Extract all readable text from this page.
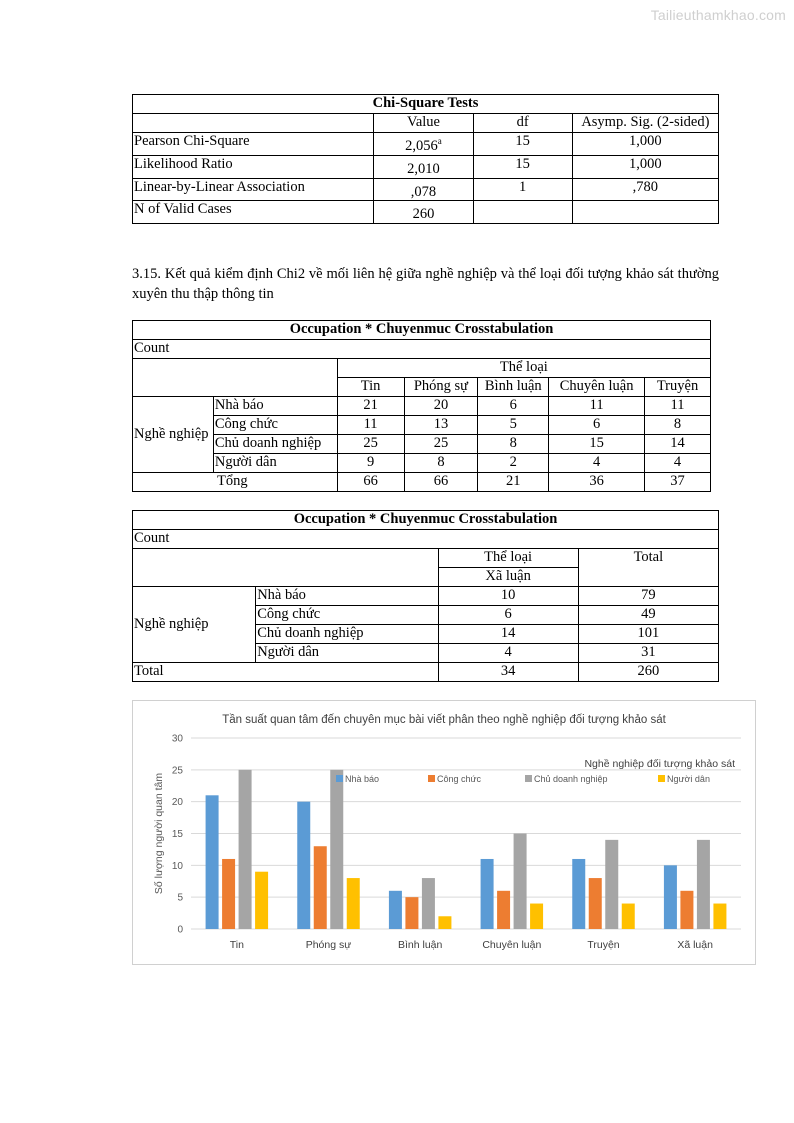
Tailieuthamkhao.com
Chi-Square Tests			
	Value	df	Asymp. Sig. (2-sided)
Pearson Chi-Square	2,056$^a$	15	1,000
Likelihood Ratio	2,010	15	1,000
Linear-by-Linear Association	,078	1	,780
N of Valid Cases	260		
3.15. Kết quả kiểm định Chi2 về mối liên hệ giữa nghề nghiệp và thể loại đối tượng khảo sát thường xuyên thu thập thông tin
Occupation * Chuyenmuc Crosstabulation						
Count						
		Thể loại				
		Tin	Phóng sự	Bình luận	Chuyên luận	Truyện
Nghề nghiệp	Nhà báo	21	20	6	11	11
	Công chức	11	13	5	6	8
	Chủ doanh nghiệp	25	25	8	15	14
	Người dân	9	8	2	4	4
Tổng		66	66	21	36	37
Occupation * Chuyenmuc Crosstabulation			
Count			
		Thể loại	Total
		Xã luận	
Nghề nghiệp	Nhà báo	10	79
	Công chức	6	49
	Chủ doanh nghiệp	14	101
	Người dân	4	31
Total		34	260
Tần suất quan tâm đến chuyên mục bài viết phân theo nghề nghiệp đối tượng khảo sát
0
5
10
15
20
25
30
Số lượng người quan tâm
Tin	Phóng sự	Bình luận	Chuyên luận	Truyện	Xã luận
Nghề nghiệp đối tượng khảo sát
Nhà báo	Công chức	Chủ doanh nghiệp	Người dân
